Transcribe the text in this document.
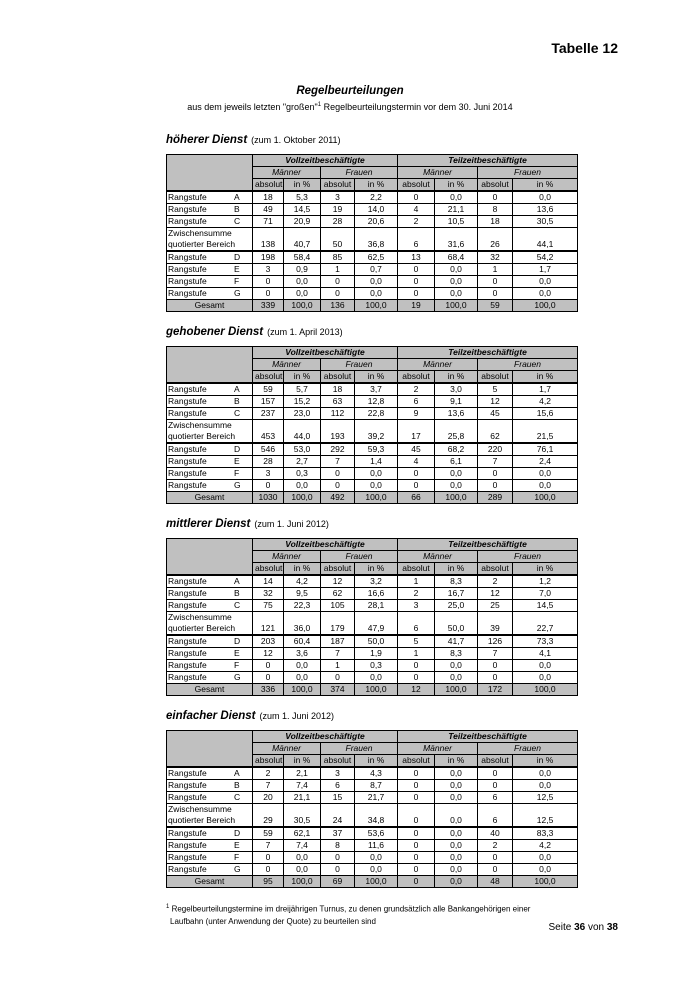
Tabelle 12
Regelbeurteilungen
aus dem jeweils letzten "großen"$^1$ Regelbeurteilungstermin vor dem 30. Juni 2014
höherer Dienst (zum 1. Oktober 2011)
	Vollzeitbeschäftigte				Teilzeitbeschäftigte			
	Männer		Frauen		Männer		Frauen	
	absolut	in %	absolut	in %	absolut	in %	absolut	in %
Rangstufe A	18	5,3	3	2,2	0	0,0	0	0,0
Rangstufe B	49	14,5	19	14,0	4	21,1	8	13,6
Rangstufe C	71	20,9	28	20,6	2	10,5	18	30,5
Zwischensumme								
quotierter Bereich	138	40,7	50	36,8	6	31,6	26	44,1
Rangstufe D	198	58,4	85	62,5	13	68,4	32	54,2
Rangstufe E	3	0,9	1	0,7	0	0,0	1	1,7
Rangstufe F	0	0,0	0	0,0	0	0,0	0	0,0
Rangstufe G	0	0,0	0	0,0	0	0,0	0	0,0
Gesamt	339	100,0	136	100,0	19	100,0	59	100,0
gehobener Dienst (zum 1. April 2013)
	Vollzeitbeschäftigte				Teilzeitbeschäftigte			
	Männer		Frauen		Männer		Frauen	
	absolut	in %	absolut	in %	absolut	in %	absolut	in %
Rangstufe A	59	5,7	18	3,7	2	3,0	5	1,7
Rangstufe B	157	15,2	63	12,8	6	9,1	12	4,2
Rangstufe C	237	23,0	112	22,8	9	13,6	45	15,6
Zwischensumme								
quotierter Bereich	453	44,0	193	39,2	17	25,8	62	21,5
Rangstufe D	546	53,0	292	59,3	45	68,2	220	76,1
Rangstufe E	28	2,7	7	1,4	4	6,1	7	2,4
Rangstufe F	3	0,3	0	0,0	0	0,0	0	0,0
Rangstufe G	0	0,0	0	0,0	0	0,0	0	0,0
Gesamt	1030	100,0	492	100,0	66	100,0	289	100,0
mittlerer Dienst (zum 1. Juni 2012)
	Vollzeitbeschäftigte				Teilzeitbeschäftigte			
	Männer		Frauen		Männer		Frauen	
	absolut	in %	absolut	in %	absolut	in %	absolut	in %
Rangstufe A	14	4,2	12	3,2	1	8,3	2	1,2
Rangstufe B	32	9,5	62	16,6	2	16,7	12	7,0
Rangstufe C	75	22,3	105	28,1	3	25,0	25	14,5
Zwischensumme								
quotierter Bereich	121	36,0	179	47,9	6	50,0	39	22,7
Rangstufe D	203	60,4	187	50,0	5	41,7	126	73,3
Rangstufe E	12	3,6	7	1,9	1	8,3	7	4,1
Rangstufe F	0	0,0	1	0,3	0	0,0	0	0,0
Rangstufe G	0	0,0	0	0,0	0	0,0	0	0,0
Gesamt	336	100,0	374	100,0	12	100,0	172	100,0
einfacher Dienst (zum 1. Juni 2012)
	Vollzeitbeschäftigte				Teilzeitbeschäftigte			
	Männer		Frauen		Männer		Frauen	
	absolut	in %	absolut	in %	absolut	in %	absolut	in %
Rangstufe A	2	2,1	3	4,3	0	0,0	0	0,0
Rangstufe B	7	7,4	6	8,7	0	0,0	0	0,0
Rangstufe C	20	21,1	15	21,7	0	0,0	6	12,5
Zwischensumme								
quotierter Bereich	29	30,5	24	34,8	0	0,0	6	12,5
Rangstufe D	59	62,1	37	53,6	0	0,0	40	83,3
Rangstufe E	7	7,4	8	11,6	0	0,0	2	4,2
Rangstufe F	0	0,0	0	0,0	0	0,0	0	0,0
Rangstufe G	0	0,0	0	0,0	0	0,0	0	0,0
Gesamt	95	100,0	69	100,0	0	0,0	48	100,0
$^1$ Regelbeurteilungstermine im dreijährigen Turnus, zu denen grundsätzlich alle Bankangehörigen einer
Laufbahn (unter Anwendung der Quote) zu beurteilen sind
Seite 36 von 38
